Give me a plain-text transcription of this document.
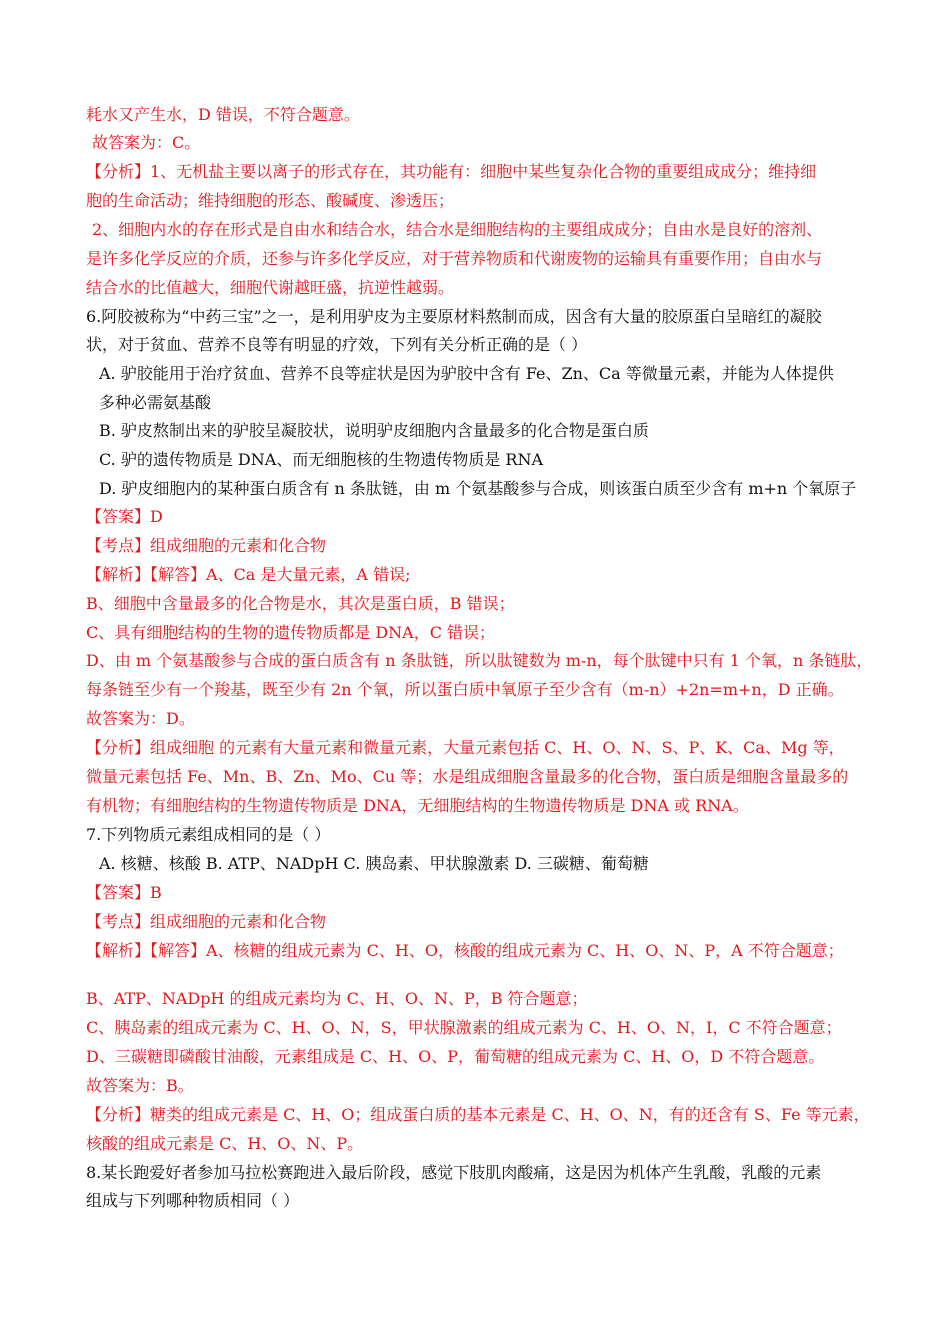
耗水又产生水，D 错误，不符合题意。
故答案为：C。
【分析】1、无机盐主要以离子的形式存在，其功能有：细胞中某些复杂化合物的重要组成成分；维持细
胞的生命活动；维持细胞的形态、酸碱度、渗透压；
2、细胞内水的存在形式是自由水和结合水，结合水是细胞结构的主要组成成分；自由水是良好的溶剂、
是许多化学反应的介质，还参与许多化学反应，对于营养物质和代谢废物的运输具有重要作用；自由水与
结合水的比值越大，细胞代谢越旺盛，抗逆性越弱。
6.阿胶被称为“中药三宝”之一，是利用驴皮为主要原材料熬制而成，因含有大量的胶原蛋白呈暗红的凝胶
状，对于贫血、营养不良等有明显的疗效，下列有关分析正确的是（ ）
A. 驴胶能用于治疗贫血、营养不良等症状是因为驴胶中含有 Fe、Zn、Ca 等微量元素，并能为人体提供
多种必需氨基酸
B. 驴皮熬制出来的驴胶呈凝胶状，说明驴皮细胞内含量最多的化合物是蛋白质
C. 驴的遗传物质是 DNA、而无细胞核的生物遗传物质是 RNA
D. 驴皮细胞内的某种蛋白质含有 n 条肽链，由 m 个氨基酸参与合成，则该蛋白质至少含有 m+n 个氧原子
【答案】D
【考点】组成细胞的元素和化合物
【解析】【解答】A、Ca 是大量元素，A 错误;
B、细胞中含量最多的化合物是水，其次是蛋白质，B 错误；
C、具有细胞结构的生物的遗传物质都是 DNA，C 错误；
D、由 m 个氨基酸参与合成的蛋白质含有 n 条肽链，所以肽键数为 m-n，每个肽键中只有 1 个氧，n 条链肽，
每条链至少有一个羧基，既至少有 2n 个氧，所以蛋白质中氧原子至少含有（m-n）+2n=m+n，D 正确。
故答案为：D。
【分析】组成细胞 的元素有大量元素和微量元素，大量元素包括 C、H、O、N、S、P、K、Ca、Mg 等，
微量元素包括 Fe、Mn、B、Zn、Mo、Cu 等；水是组成细胞含量最多的化合物，蛋白质是细胞含量最多的
有机物；有细胞结构的生物遗传物质是 DNA，无细胞结构的生物遗传物质是 DNA 或 RNA。
7.下列物质元素组成相同的是（ ）
A. 核糖、核酸 B. ATP、NADpH C. 胰岛素、甲状腺激素 D. 三碳糖、葡萄糖
【答案】B
【考点】组成细胞的元素和化合物
【解析】【解答】A、核糖的组成元素为 C、H、O，核酸的组成元素为 C、H、O、N、P，A 不符合题意；
B、ATP、NADpH 的组成元素均为 C、H、O、N、P，B 符合题意；
C、胰岛素的组成元素为 C、H、O、N，S，甲状腺激素的组成元素为 C、H、O、N，I，C 不符合题意；
D、三碳糖即磷酸甘油酸，元素组成是 C、H、O、P，葡萄糖的组成元素为 C、H、O，D 不符合题意。
故答案为：B。
【分析】糖类的组成元素是 C、H、O；组成蛋白质的基本元素是 C、H、O、N，有的还含有 S、Fe 等元素，
核酸的组成元素是 C、H、O、N、P。
8.某长跑爱好者参加马拉松赛跑进入最后阶段，感觉下肢肌肉酸痛，这是因为机体产生乳酸，乳酸的元素
组成与下列哪种物质相同（ ）
